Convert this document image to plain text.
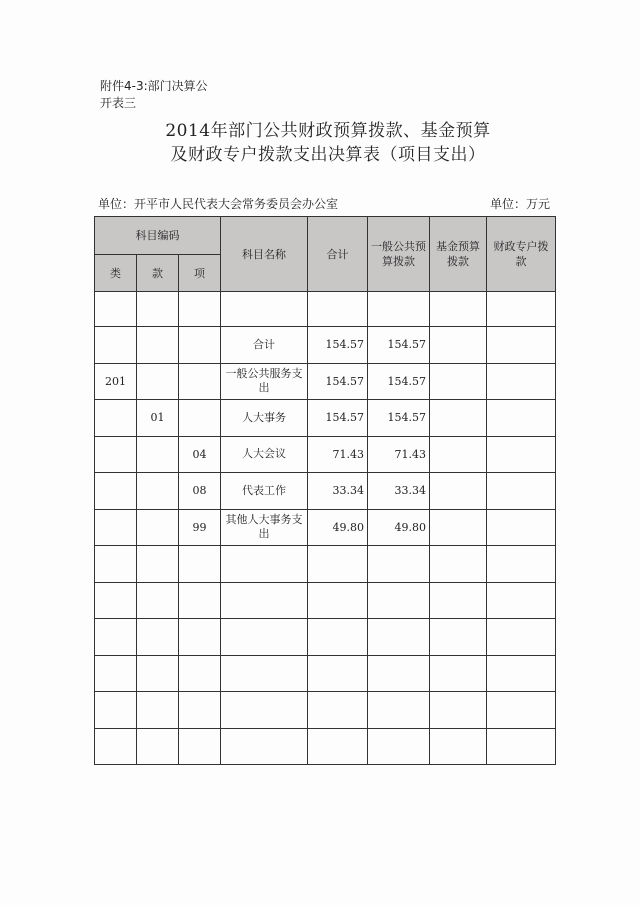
附件4-3:部门决算公
开表三
2014年部门公共财政预算拨款、基金预算
及财政专户拨款支出决算表（项目支出）
单位：开平市人民代表大会常务委员会办公室	单位：万元
科目编码			科目名称	合计	一般公共预算拨款	基金预算拨款	财政专户拨款
类	款	项					

			合计	154.57	154.57		
201			一般公共服务支出	154.57	154.57		
	01		人大事务	154.57	154.57		
		04	人大会议	71.43	71.43		
		08	代表工作	33.34	33.34		
		99	其他人大事务支出	49.80	49.80		
